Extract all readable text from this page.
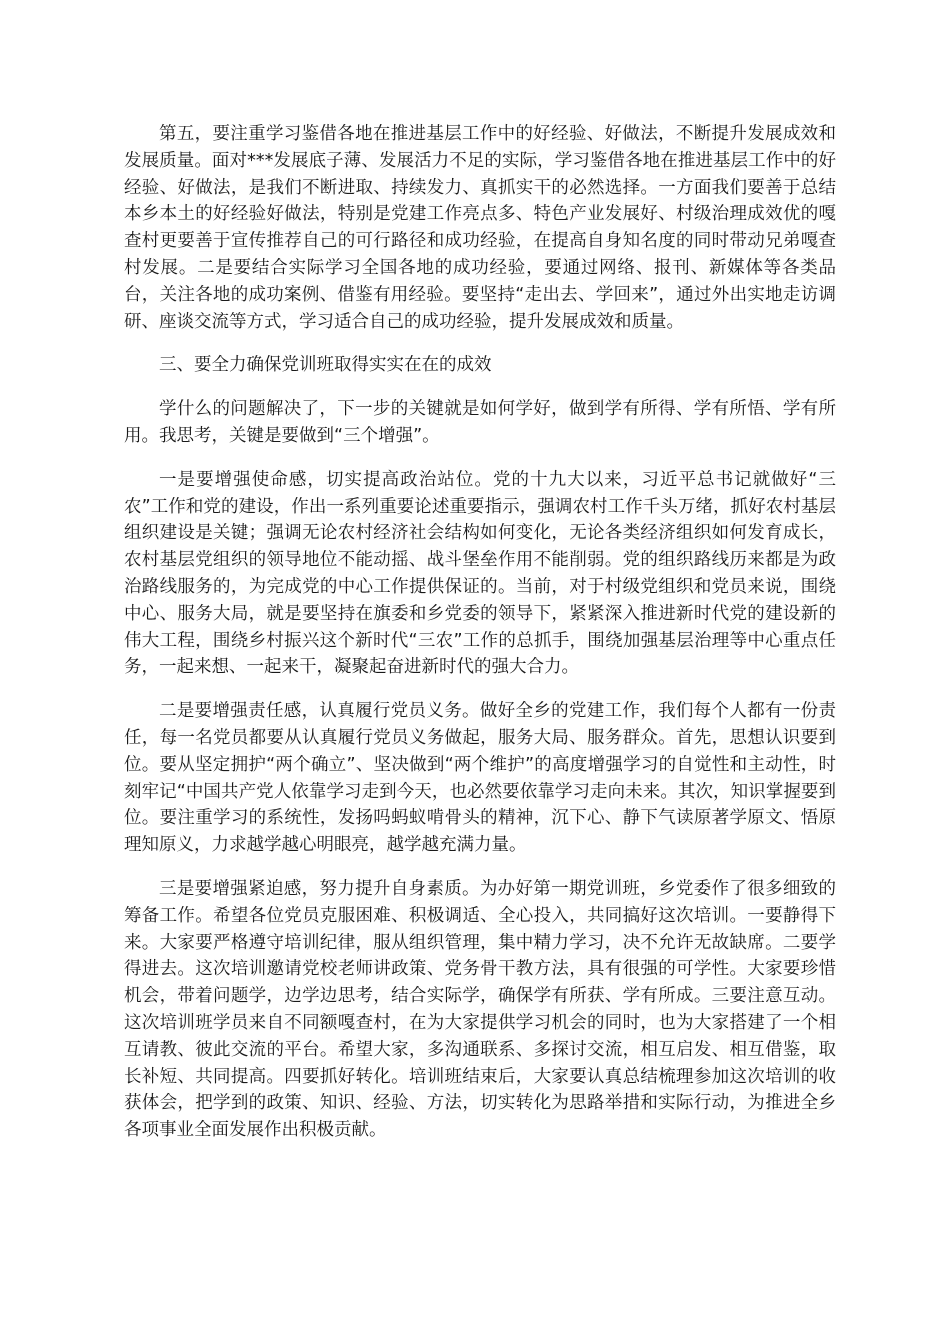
第五，要注重学习鉴借各地在推进基层工作中的好经验、好做法，不断提升发展成效和发展质量。面对***发展底子薄、发展活力不足的实际，学习鉴借各地在推进基层工作中的好经验、好做法，是我们不断进取、持续发力、真抓实干的必然选择。一方面我们要善于总结本乡本土的好经验好做法，特别是党建工作亮点多、特色产业发展好、村级治理成效优的嘎查村更要善于宣传推荐自己的可行路径和成功经验，在提高自身知名度的同时带动兄弟嘎查村发展。二是要结合实际学习全国各地的成功经验，要通过网络、报刊、新媒体等各类品台，关注各地的成功案例、借鉴有用经验。要坚持“走出去、学回来”，通过外出实地走访调研、座谈交流等方式，学习适合自己的成功经验，提升发展成效和质量。

三、要全力确保党训班取得实实在在的成效

学什么的问题解决了，下一步的关键就是如何学好，做到学有所得、学有所悟、学有所用。我思考，关键是要做到“三个增强”。

一是要增强使命感，切实提高政治站位。党的十九大以来，习近平总书记就做好“三农”工作和党的建设，作出一系列重要论述重要指示，强调农村工作千头万绪，抓好农村基层组织建设是关键；强调无论农村经济社会结构如何变化，无论各类经济组织如何发育成长，农村基层党组织的领导地位不能动摇、战斗堡垒作用不能削弱。党的组织路线历来都是为政治路线服务的，为完成党的中心工作提供保证的。当前，对于村级党组织和党员来说，围绕中心、服务大局，就是要坚持在旗委和乡党委的领导下，紧紧深入推进新时代党的建设新的伟大工程，围绕乡村振兴这个新时代“三农”工作的总抓手，围绕加强基层治理等中心重点任务，一起来想、一起来干，凝聚起奋进新时代的强大合力。

二是要增强责任感，认真履行党员义务。做好全乡的党建工作，我们每个人都有一份责任，每一名党员都要从认真履行党员义务做起，服务大局、服务群众。首先，思想认识要到位。要从坚定拥护“两个确立”、坚决做到“两个维护”的高度增强学习的自觉性和主动性，时刻牢记“中国共产党人依靠学习走到今天，也必然要依靠学习走向未来。其次，知识掌握要到位。要注重学习的系统性，发扬吗蚂蚁啃骨头的精神，沉下心、静下气读原著学原文、悟原理知原义，力求越学越心明眼亮，越学越充满力量。

三是要增强紧迫感，努力提升自身素质。为办好第一期党训班，乡党委作了很多细致的筹备工作。希望各位党员克服困难、积极调适、全心投入，共同搞好这次培训。一要静得下来。大家要严格遵守培训纪律，服从组织管理，集中精力学习，决不允许无故缺席。二要学得进去。这次培训邀请党校老师讲政策、党务骨干教方法，具有很强的可学性。大家要珍惜机会，带着问题学，边学边思考，结合实际学，确保学有所获、学有所成。三要注意互动。这次培训班学员来自不同额嘎查村，在为大家提供学习机会的同时，也为大家搭建了一个相互请教、彼此交流的平台。希望大家，多沟通联系、多探讨交流，相互启发、相互借鉴，取长补短、共同提高。四要抓好转化。培训班结束后，大家要认真总结梳理参加这次培训的收获体会，把学到的政策、知识、经验、方法，切实转化为思路举措和实际行动，为推进全乡各项事业全面发展作出积极贡献。
